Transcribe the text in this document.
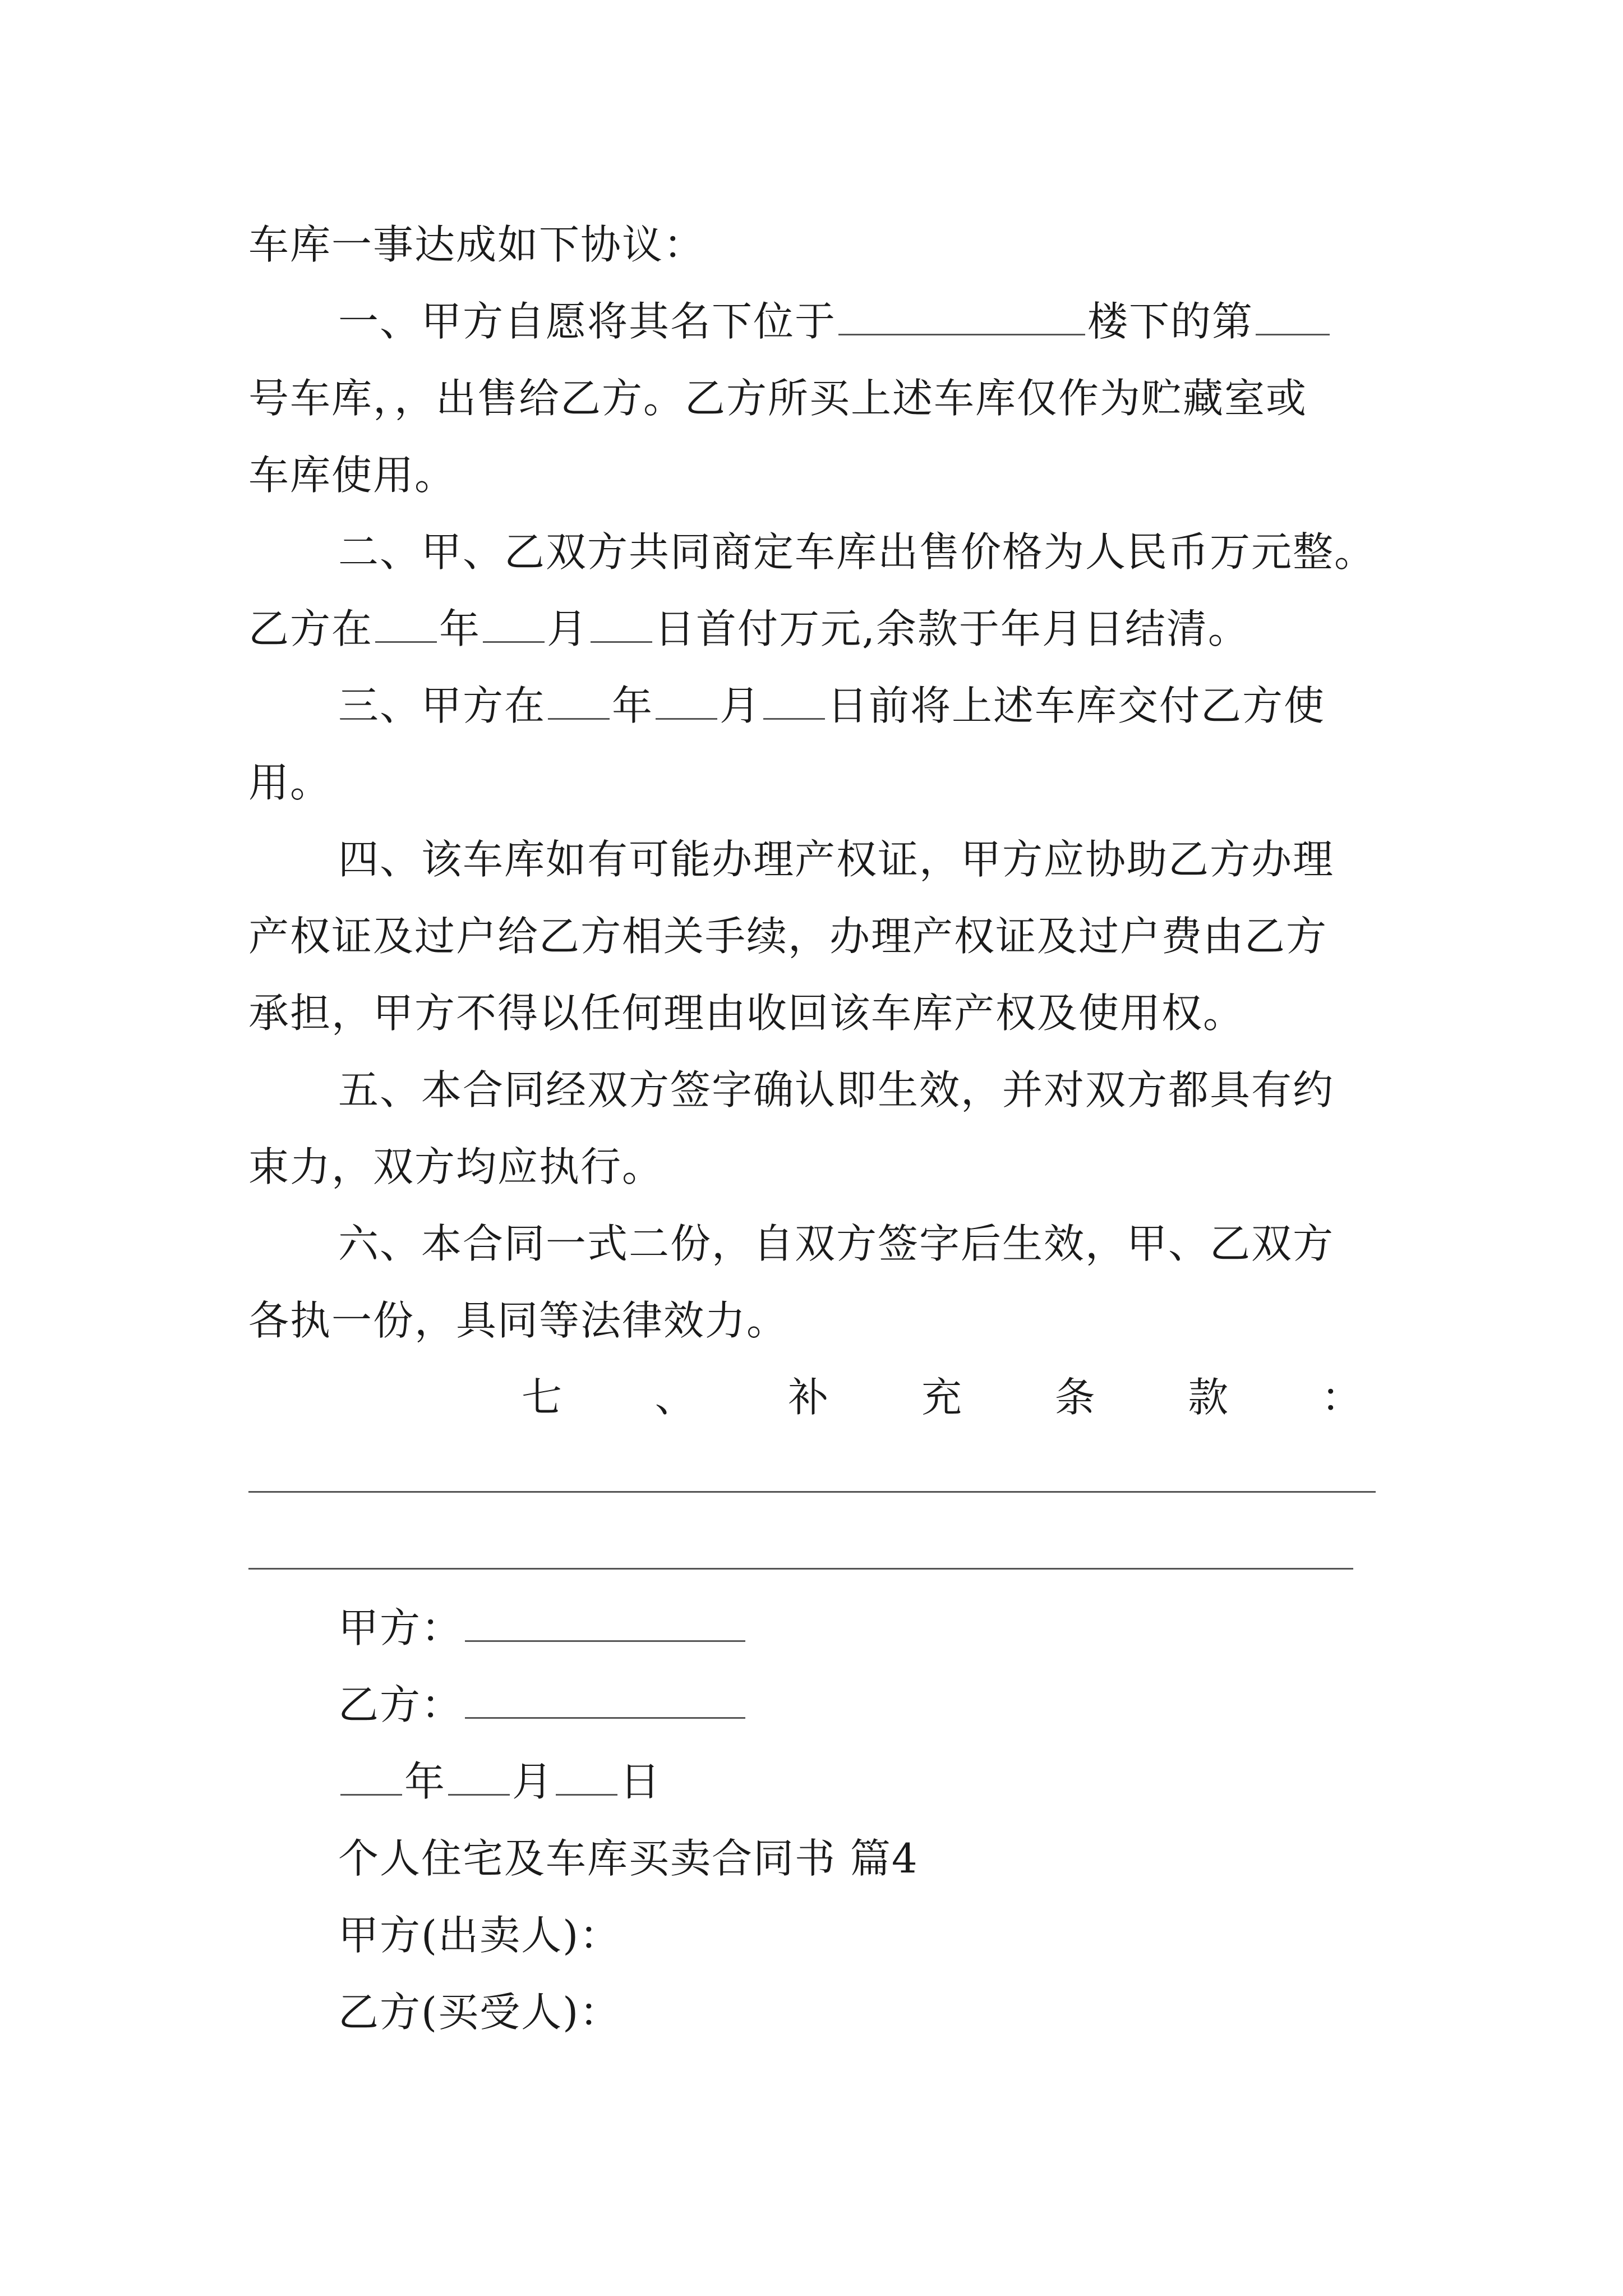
车库一事达成如下协议：
一、甲方自愿将其名下位于	楼下的第
号车库，，出售给乙方。乙方所买上述车库仅作为贮藏室或
车库使用。
二、甲、乙双方共同商定车库出售价格为人民币万元整。
乙方在 年 月 日首付万元,余款于年月日结清。
三、甲方在 年 月 日前将上述车库交付乙方使
用。
四、该车库如有可能办理产权证，甲方应协助乙方办理
产权证及过户给乙方相关手续，办理产权证及过户费由乙方
承担，甲方不得以任何理由收回该车库产权及使用权。
五、本合同经双方签字确认即生效，并对双方都具有约
束力，双方均应执行。
六、本合同一式二份，自双方签字后生效，甲、乙双方
各执一份，具同等法律效力。
七 、 补 充 条 款 ：
甲方：
乙方：
年 月 日
个人住宅及车库买卖合同书 篇4
甲方(出卖人)：
乙方(买受人)：
